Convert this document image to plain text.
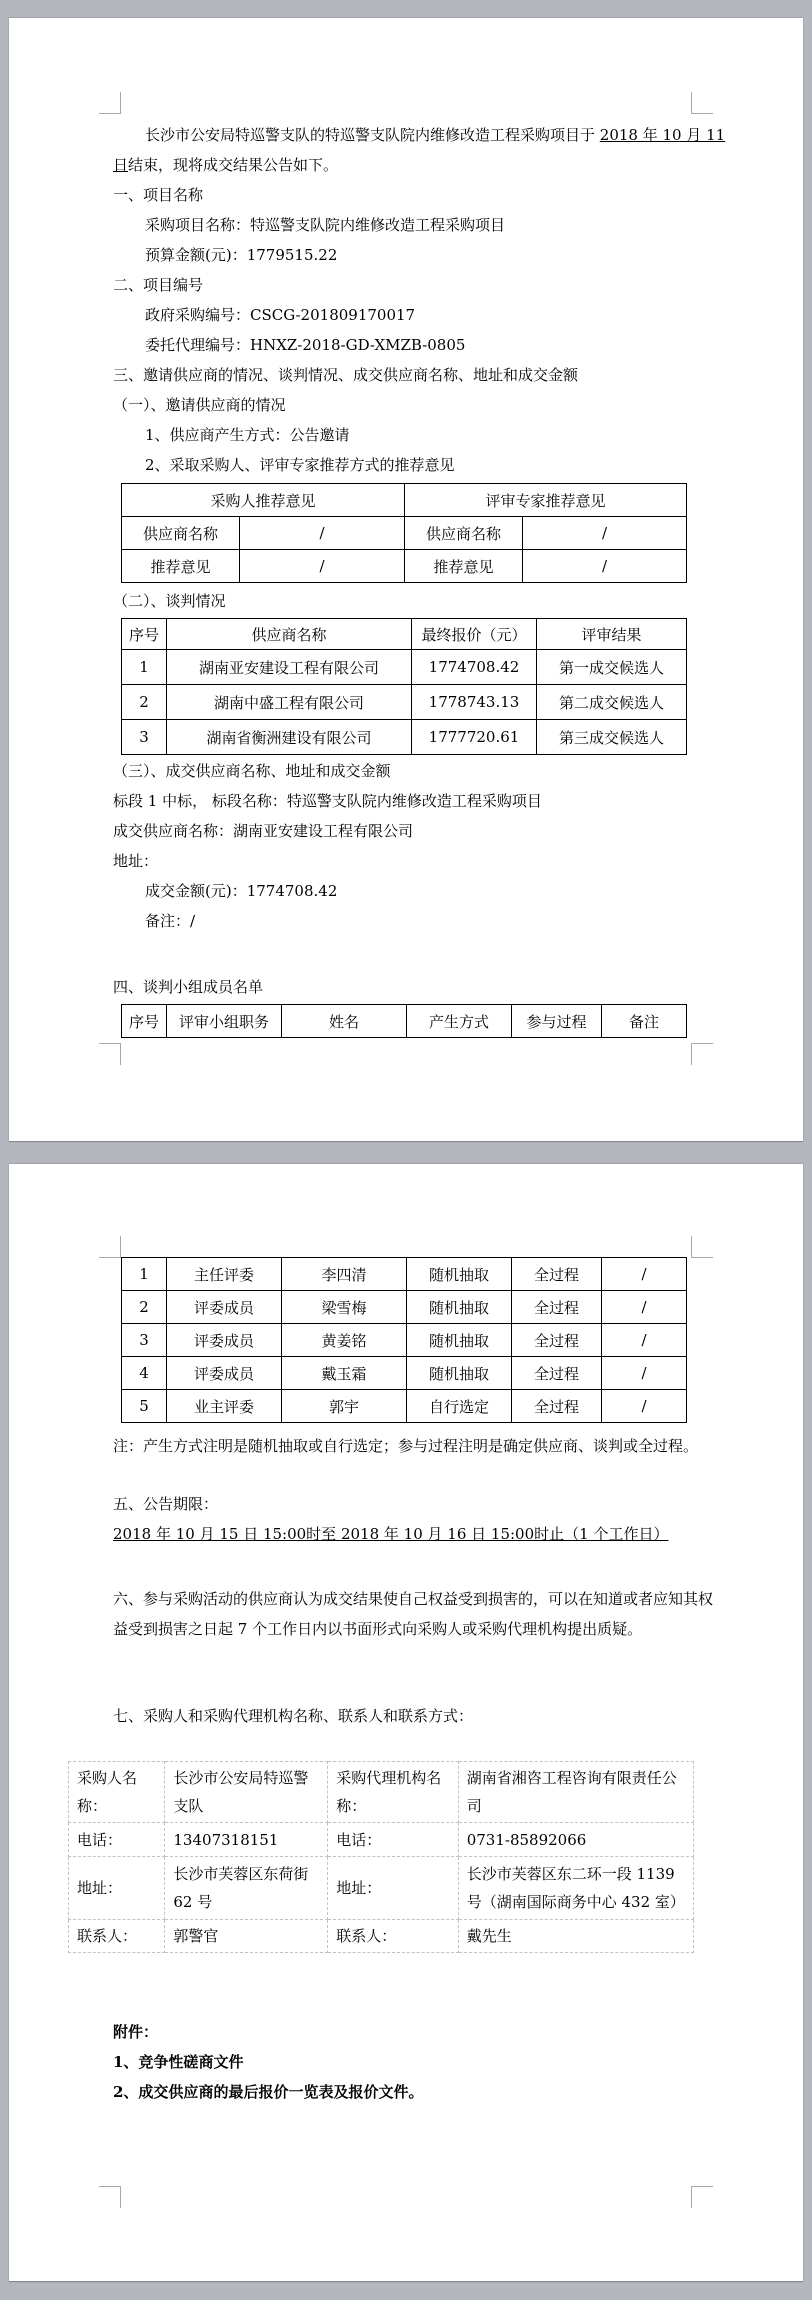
长沙市公安局特巡警支队的特巡警支队院内维修改造工程采购项目于 2018 年 10 月 11
日结束，现将成交结果公告如下。
一、项目名称
采购项目名称：特巡警支队院内维修改造工程采购项目
预算金额(元)：1779515.22
二、项目编号
政府采购编号：CSCG-201809170017
委托代理编号：HNXZ-2018-GD-XMZB-0805
三、邀请供应商的情况、谈判情况、成交供应商名称、地址和成交金额
（一）、邀请供应商的情况
1、供应商产生方式：公告邀请
2、采取采购人、评审专家推荐方式的推荐意见
采购人推荐意见		评审专家推荐意见	
供应商名称	/	供应商名称	/
推荐意见	/	推荐意见	/
（二）、谈判情况
序号	供应商名称	最终报价（元）	评审结果
1	湖南亚安建设工程有限公司	1774708.42	第一成交候选人
2	湖南中盛工程有限公司	1778743.13	第二成交候选人
3	湖南省衡洲建设有限公司	1777720.61	第三成交候选人
（三）、成交供应商名称、地址和成交金额
标段 1 中标， 标段名称：特巡警支队院内维修改造工程采购项目
成交供应商名称：湖南亚安建设工程有限公司
地址：
成交金额(元)：1774708.42
备注：/
四、谈判小组成员名单
序号	评审小组职务	姓名	产生方式	参与过程	备注
1	主任评委	李四清	随机抽取	全过程	/
2	评委成员	梁雪梅	随机抽取	全过程	/
3	评委成员	黄姜铭	随机抽取	全过程	/
4	评委成员	戴玉霜	随机抽取	全过程	/
5	业主评委	郭宇	自行选定	全过程	/
注：产生方式注明是随机抽取或自行选定；参与过程注明是确定供应商、谈判或全过程。
五、公告期限：
2018 年 10 月 15 日 15:00时至 2018 年 10 月 16 日 15:00时止（1 个工作日）
六、参与采购活动的供应商认为成交结果使自己权益受到损害的，可以在知道或者应知其权
益受到损害之日起 7 个工作日内以书面形式向采购人或采购代理机构提出质疑。
七、采购人和采购代理机构名称、联系人和联系方式：
采购人名称：	长沙市公安局特巡警支队	采购代理机构名称：	湖南省湘咨工程咨询有限责任公司
电话：	13407318151	电话：	0731-85892066
地址：	长沙市芙蓉区东荷街 62 号	地址：	长沙市芙蓉区东二环一段 1139 号（湖南国际商务中心 432 室）
联系人：	郭警官	联系人：	戴先生
附件：
1、竞争性磋商文件
2、成交供应商的最后报价一览表及报价文件。
